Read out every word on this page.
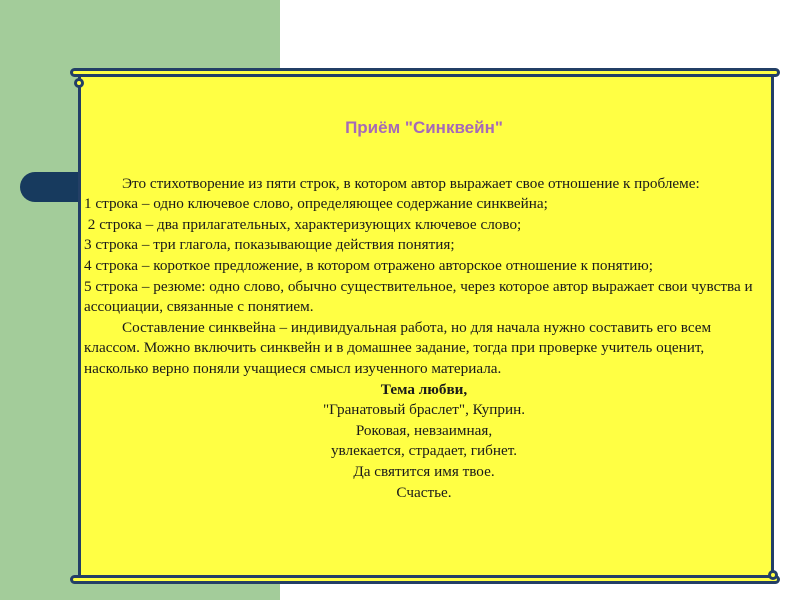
Приём "Синквейн"

Это стихотворение из пяти строк, в котором автор выражает свое отношение к проблеме:

1 строка – одно ключевое слово, определяющее содержание синквейна;

2 строка – два прилагательных, характеризующих ключевое слово;

3 строка – три глагола, показывающие действия понятия;

4 строка – короткое предложение, в котором отражено авторское отношение к понятию;

5 строка – резюме: одно слово, обычно существительное, через которое автор выражает свои чувства и ассоциации, связанные с понятием.

Составление синквейна – индивидуальная работа, но для начала нужно составить его всем классом. Можно включить синквейн и в домашнее задание, тогда при проверке учитель оценит, насколько верно поняли учащиеся смысл изученного материала.

Тема любви,

"Гранатовый браслет", Куприн.

Роковая, невзаимная,

увлекается, страдает, гибнет.

Да святится имя твое.

Счастье.
